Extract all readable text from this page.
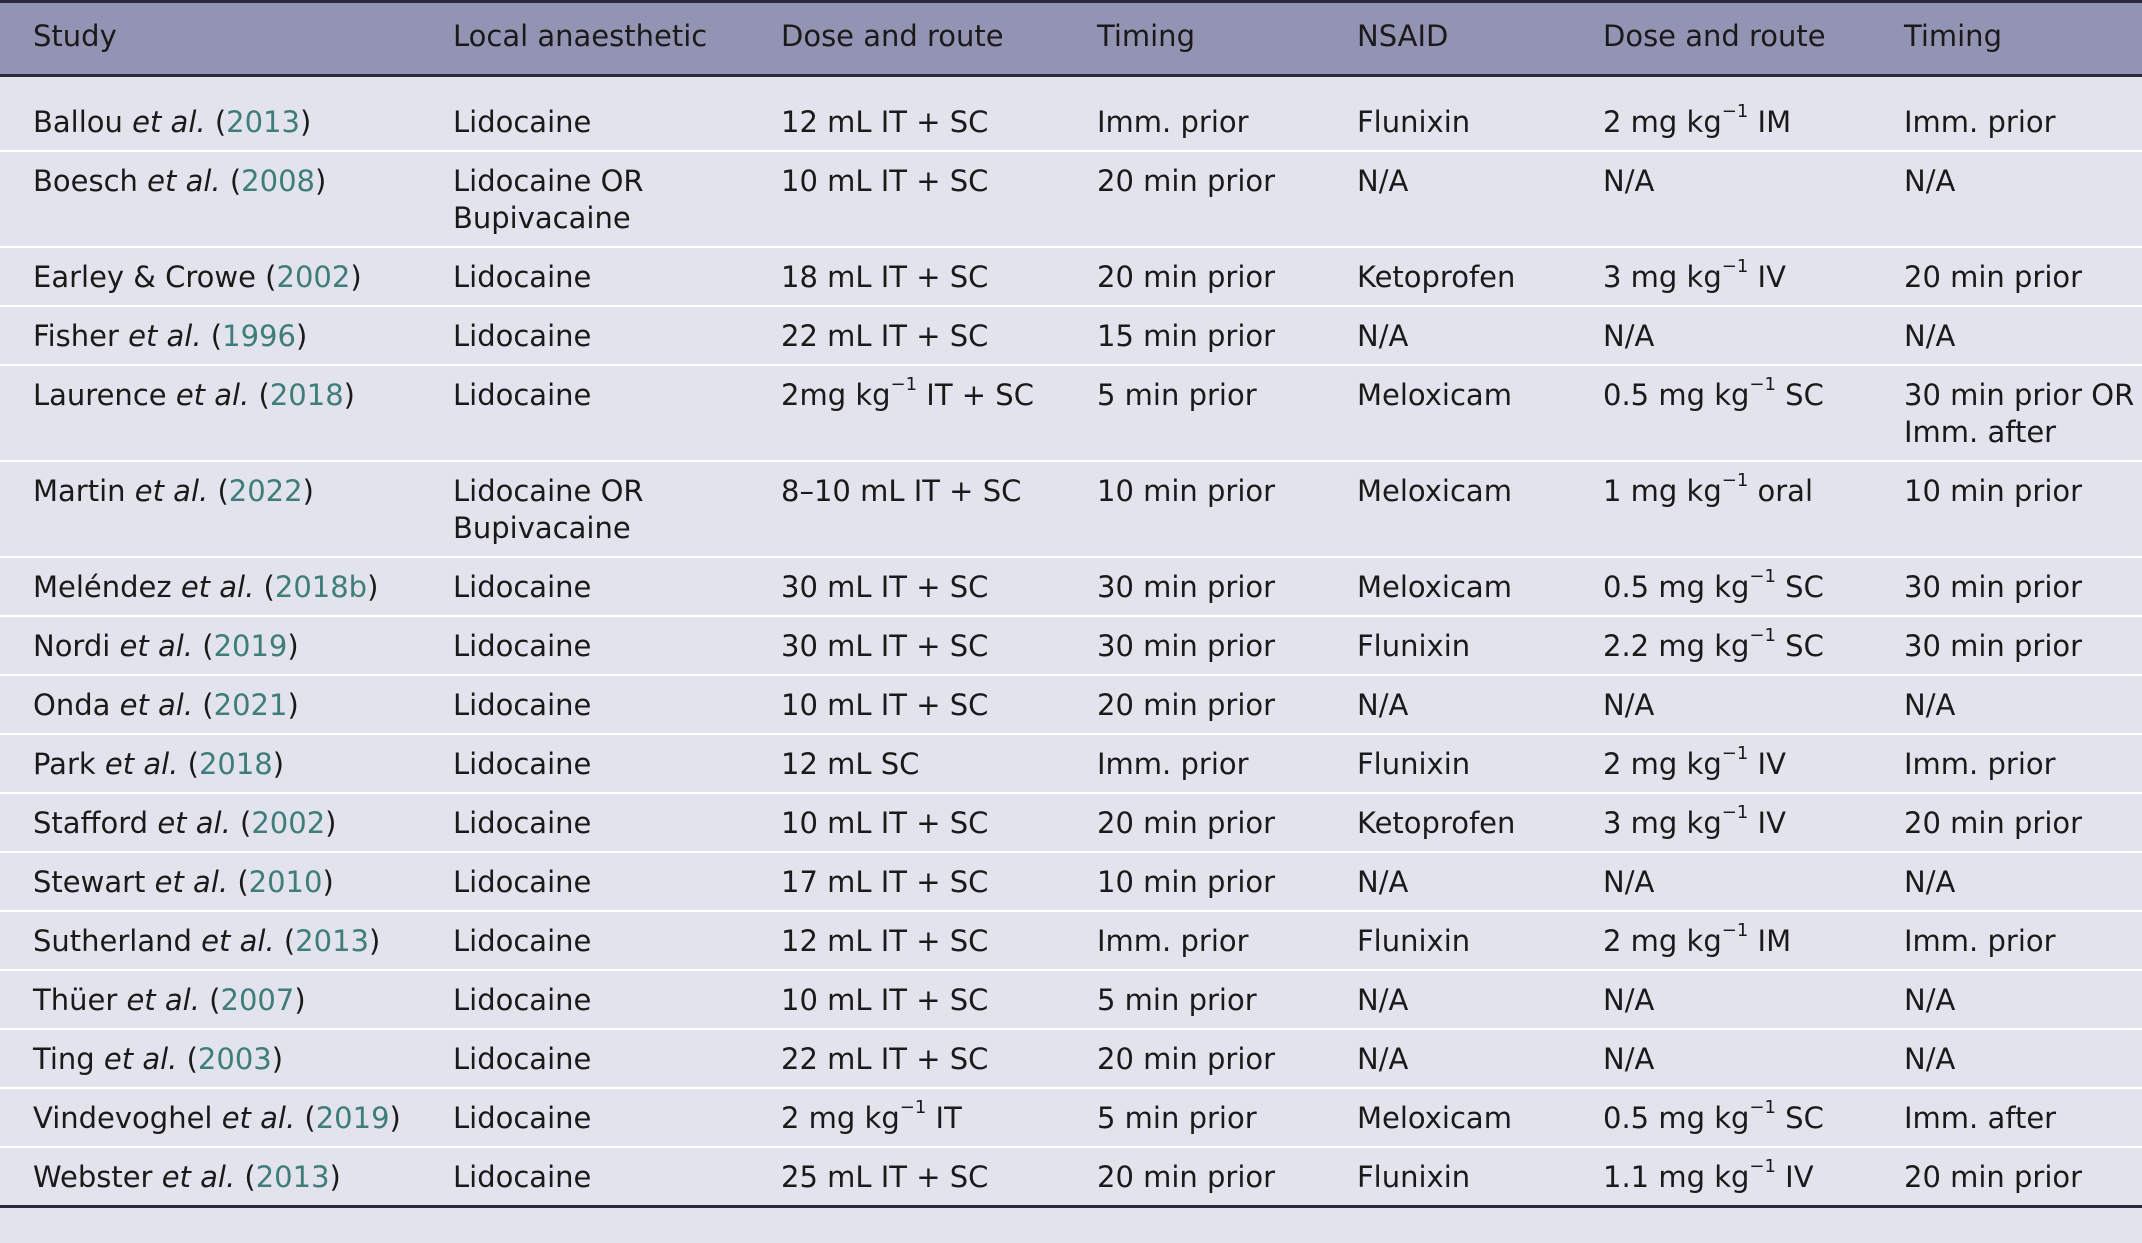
Study	Local anaesthetic	Dose and route	Timing	NSAID	Dose and route	Timing
Ballou et al. (2013)	Lidocaine	12 mL IT + SC	Imm. prior	Flunixin	2 mg $kg^{-1}$ IM	Imm. prior
Boesch et al. (2008)	Lidocaine OR Bupivacaine	10 mL IT + SC	20 min prior	N/A	N/A	N/A
Earley & Crowe (2002)	Lidocaine	18 mL IT + SC	20 min prior	Ketoprofen	3 mg $kg^{-1}$ IV	20 min prior
Fisher et al. (1996)	Lidocaine	22 mL IT + SC	15 min prior	N/A	N/A	N/A
Laurence et al. (2018)	Lidocaine	2mg $kg^{-1}$ IT + SC	5 min prior	Meloxicam	0.5 mg $kg^{-1}$ SC	30 min prior OR Imm. after
Martin et al. (2022)	Lidocaine OR Bupivacaine	8–10 mL IT + SC	10 min prior	Meloxicam	1 mg $kg^{-1}$ oral	10 min prior
Meléndez et al. (2018b)	Lidocaine	30 mL IT + SC	30 min prior	Meloxicam	0.5 mg $kg^{-1}$ SC	30 min prior
Nordi et al. (2019)	Lidocaine	30 mL IT + SC	30 min prior	Flunixin	2.2 mg $kg^{-1}$ SC	30 min prior
Onda et al. (2021)	Lidocaine	10 mL IT + SC	20 min prior	N/A	N/A	N/A
Park et al. (2018)	Lidocaine	12 mL SC	Imm. prior	Flunixin	2 mg $kg^{-1}$ IV	Imm. prior
Stafford et al. (2002)	Lidocaine	10 mL IT + SC	20 min prior	Ketoprofen	3 mg $kg^{-1}$ IV	20 min prior
Stewart et al. (2010)	Lidocaine	17 mL IT + SC	10 min prior	N/A	N/A	N/A
Sutherland et al. (2013)	Lidocaine	12 mL IT + SC	Imm. prior	Flunixin	2 mg $kg^{-1}$ IM	Imm. prior
Thüer et al. (2007)	Lidocaine	10 mL IT + SC	5 min prior	N/A	N/A	N/A
Ting et al. (2003)	Lidocaine	22 mL IT + SC	20 min prior	N/A	N/A	N/A
Vindevoghel et al. (2019)	Lidocaine	2 mg $kg^{-1}$ IT	5 min prior	Meloxicam	0.5 mg $kg^{-1}$ SC	Imm. after
Webster et al. (2013)	Lidocaine	25 mL IT + SC	20 min prior	Flunixin	1.1 mg $kg^{-1}$ IV	20 min prior
